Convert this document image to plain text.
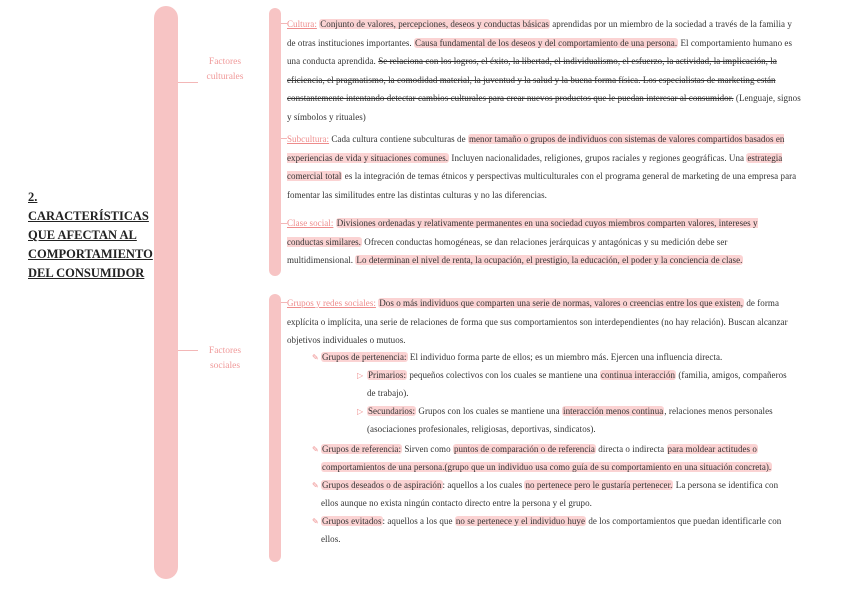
2. CARACTERÍSTICAS QUE AFECTAN AL COMPORTAMIENTO DEL CONSUMIDOR
Factores culturales
Factores sociales
Cultura: Conjunto de valores, percepciones, deseos y conductas básicas aprendidas por un miembro de la sociedad a través de la familia y de otras instituciones importantes. Causa fundamental de los deseos y del comportamiento de una persona. El comportamiento humano es una conducta aprendida. Se relaciona con los logros, el éxito, la libertad, el individualismo, el esfuerzo, la actividad, la implicación, la eficiencia, el pragmatismo, la comodidad material, la juventud y la salud y la buena forma física. Los especialistas de marketing están constantemente intentando detectar cambios culturales para crear nuevos productos que le puedan interesar al consumidor. (Lenguaje, signos y símbolos y rituales)
Subcultura: Cada cultura contiene subculturas de menor tamaño o grupos de individuos con sistemas de valores compartidos basados en experiencias de vida y situaciones comunes. Incluyen nacionalidades, religiones, grupos raciales y regiones geográficas. Una estrategia comercial total es la integración de temas étnicos y perspectivas multiculturales con el programa general de marketing de una empresa para fomentar las similitudes entre las distintas culturas y no las diferencias.
Clase social: Divisiones ordenadas y relativamente permanentes en una sociedad cuyos miembros comparten valores, intereses y conductas similares. Ofrecen conductas homogéneas, se dan relaciones jerárquicas y antagónicas y su medición debe ser multidimensional. Lo determinan el nivel de renta, la ocupación, el prestigio, la educación, el poder y la conciencia de clase.
Grupos y redes sociales: Dos o más individuos que comparten una serie de normas, valores o creencias entre los que existen, de forma explícita o implícita, una serie de relaciones de forma que sus comportamientos son interdependientes (no hay relación). Buscan alcanzar objetivos individuales o mutuos.
✎ Grupos de pertenencia: El individuo forma parte de ellos; es un miembro más. Ejercen una influencia directa.
▷ Primarios: pequeños colectivos con los cuales se mantiene una continua interacción (familia, amigos, compañeros
de trabajo).
▷ Secundarios: Grupos con los cuales se mantiene una interacción menos continua, relaciones menos personales
(asociaciones profesionales, religiosas, deportivas, sindicatos).
✎ Grupos de referencia: Sirven como puntos de comparación o de referencia directa o indirecta para moldear actitudes o
comportamientos de una persona.(grupo que un individuo usa como guía de su comportamiento en una situación concreta).
✎ Grupos deseados o de aspiración: aquellos a los cuales no pertenece pero le gustaría pertenecer. La persona se identifica con
ellos aunque no exista ningún contacto directo entre la persona y el grupo.
✎ Grupos evitados: aquellos a los que no se pertenece y el individuo huye de los comportamientos que puedan identificarle con
ellos.
